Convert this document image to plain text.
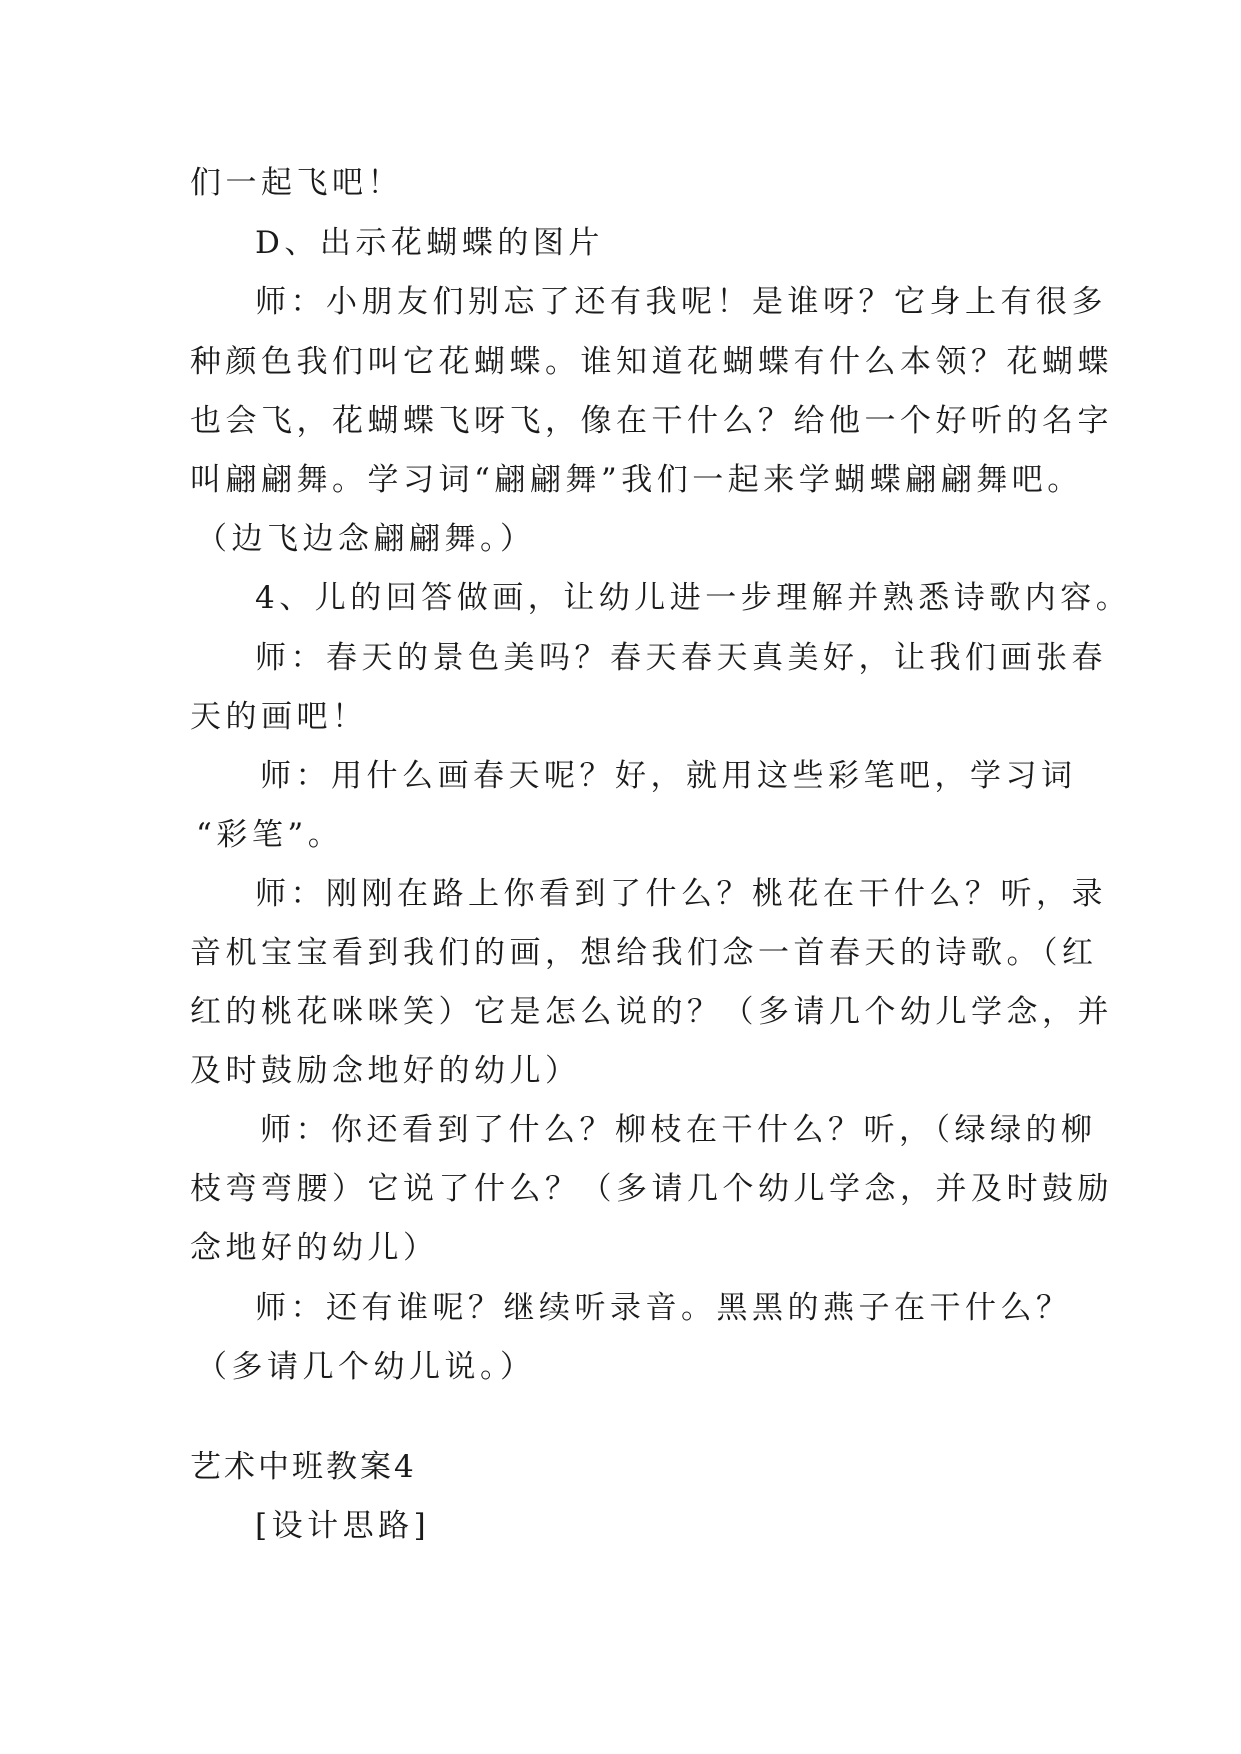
们一起飞吧！
D、出示花蝴蝶的图片
师：小朋友们别忘了还有我呢！是谁呀？它身上有很多
种颜色我们叫它花蝴蝶。谁知道花蝴蝶有什么本领？花蝴蝶
也会飞，花蝴蝶飞呀飞，像在干什么？给他一个好听的名字
叫翩翩舞。学习词“翩翩舞”我们一起来学蝴蝶翩翩舞吧。
（边飞边念翩翩舞。）
4、儿的回答做画，让幼儿进一步理解并熟悉诗歌内容。
师：春天的景色美吗？春天春天真美好，让我们画张春
天的画吧！
师：用什么画春天呢？好，就用这些彩笔吧，学习词
“彩笔”。
师：刚刚在路上你看到了什么？桃花在干什么？听，录
音机宝宝看到我们的画，想给我们念一首春天的诗歌。（红
红的桃花咪咪笑）它是怎么说的？（多请几个幼儿学念，并
及时鼓励念地好的幼儿）
师：你还看到了什么？柳枝在干什么？听，（绿绿的柳
枝弯弯腰）它说了什么？（多请几个幼儿学念，并及时鼓励
念地好的幼儿）
师：还有谁呢？继续听录音。黑黑的燕子在干什么？
（多请几个幼儿说。）
艺术中班教案4
[设计思路]
